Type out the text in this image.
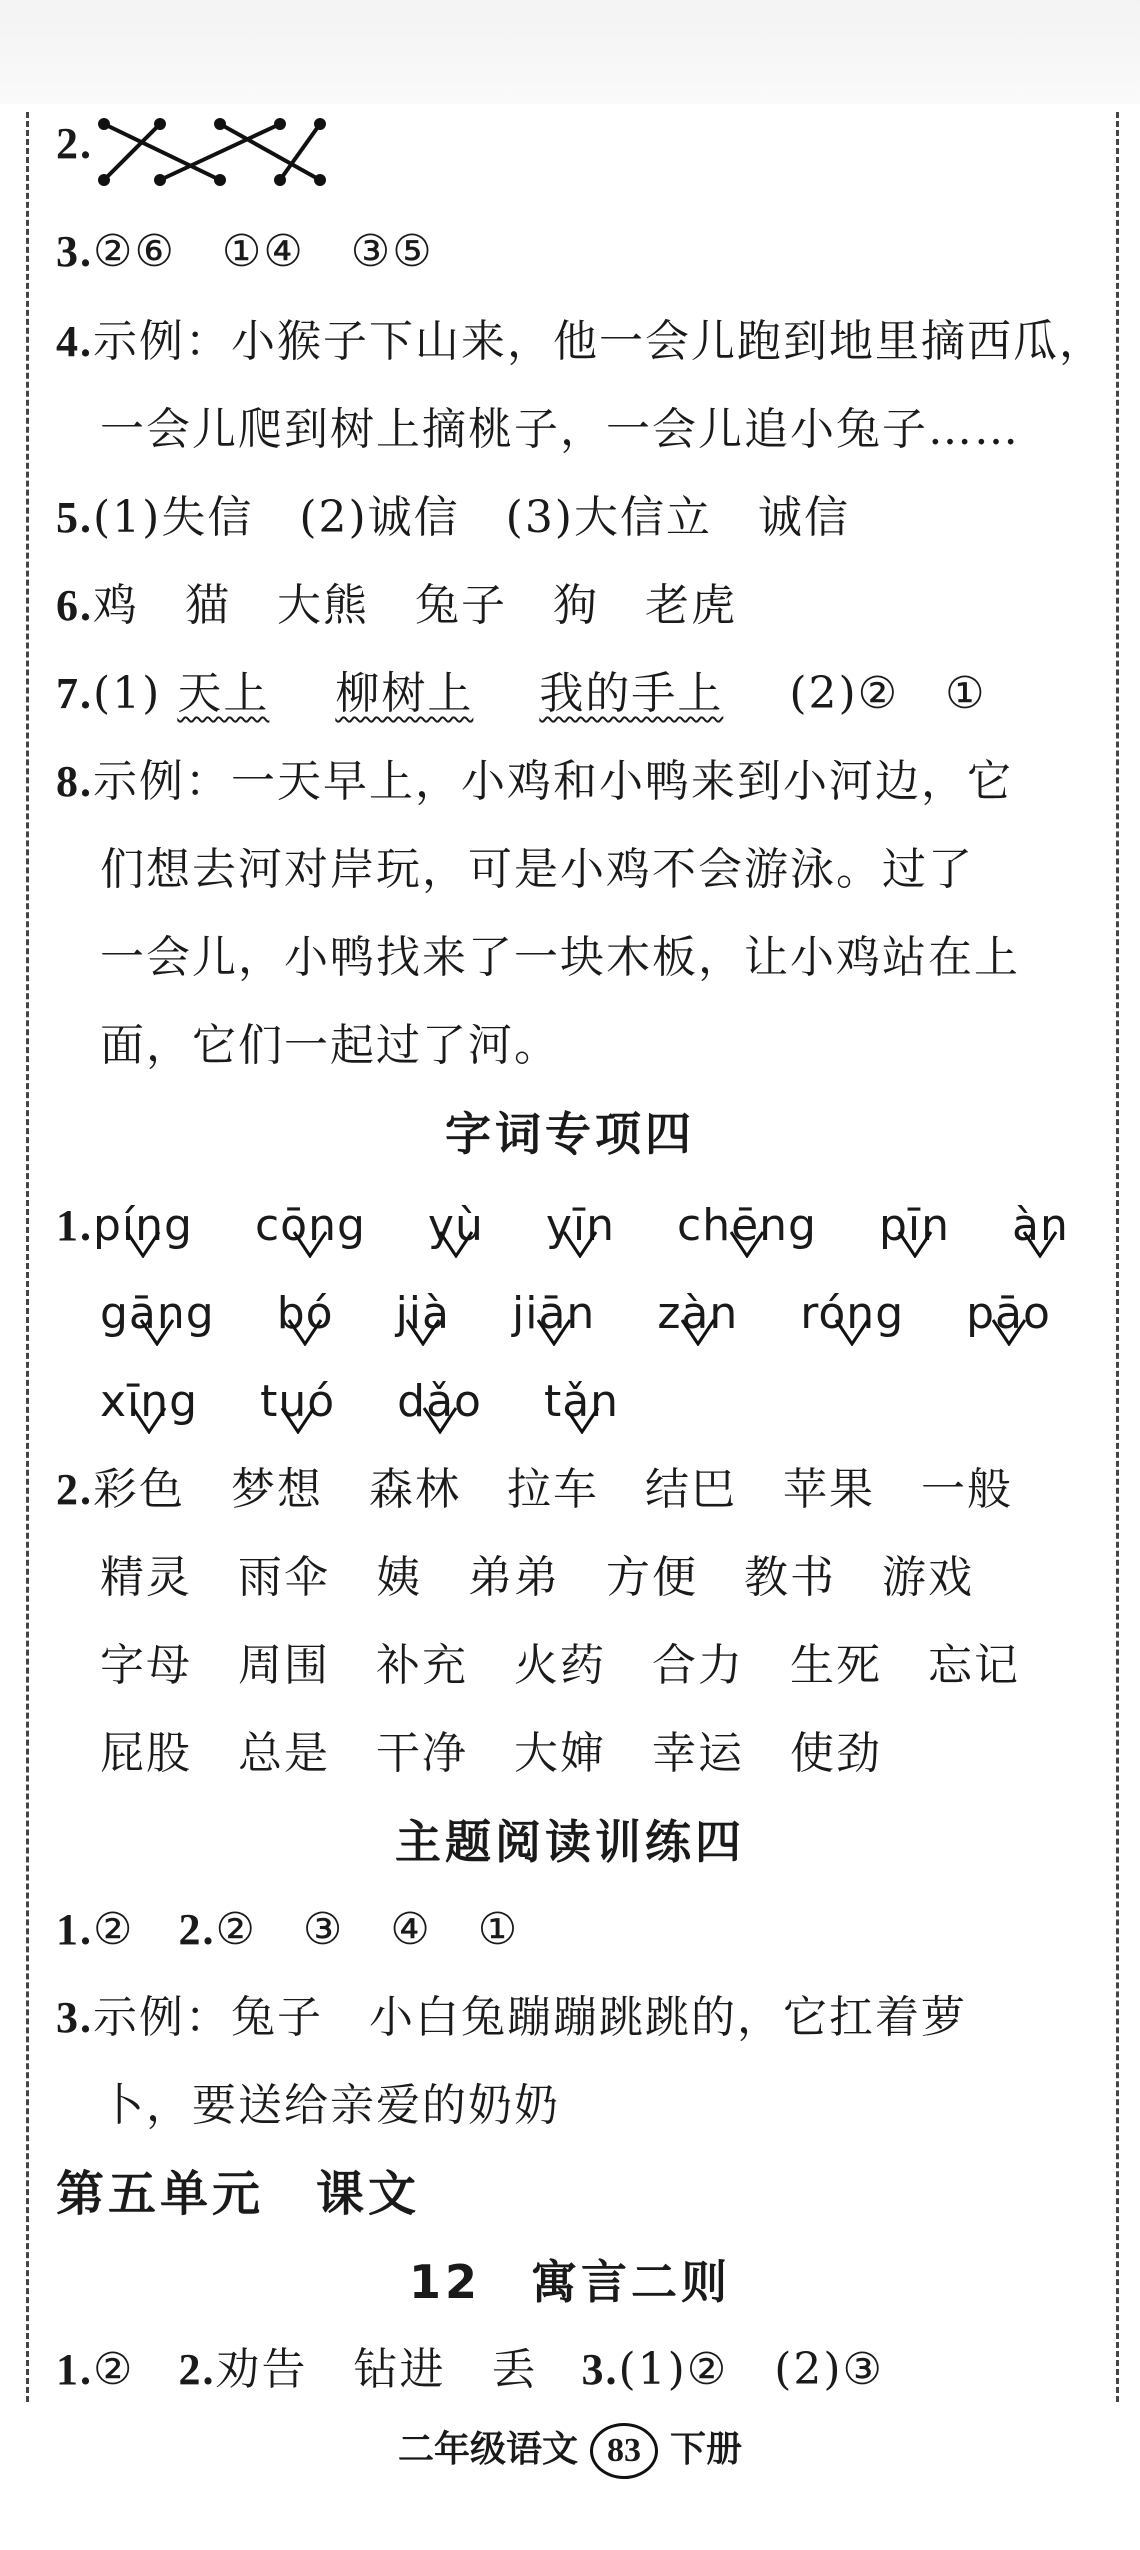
2.
3.②⑥　①④　③⑤
4.示例：小猴子下山来，他一会儿跑到地里摘西瓜，
一会儿爬到树上摘桃子，一会儿追小兔子……
5.(1)失信　(2)诚信　(3)大信立　诚信
6.鸡　猫　大熊　兔子　狗　老虎
7.(1) 天上 柳树上 我的手上 (2)②　①
8.示例：一天早上，小鸡和小鸭来到小河边，它
们想去河对岸玩，可是小鸡不会游泳。过了
一会儿，小鸭找来了一块木板，让小鸡站在上
面，它们一起过了河。
字词专项四
1.píng cōng yù yīn chēng pīn àn
gāng bó jià jiān zàn róng pāo
xīng tuó dǎo tǎn
2.彩色　梦想　森林　拉车　结巴　苹果　一般
精灵　雨伞　姨　弟弟　方便　教书　游戏
字母　周围　补充　火药　合力　生死　忘记
屁股　总是　干净　大婶　幸运　使劲
主题阅读训练四
1.② 2.②　③　④　①
3.示例：兔子　小白兔蹦蹦跳跳的，它扛着萝
卜，要送给亲爱的奶奶
第五单元　课文
12　寓言二则
1.② 2.劝告　钻进　丢 3.(1)②　(2)③
二年级语文 83 下册
